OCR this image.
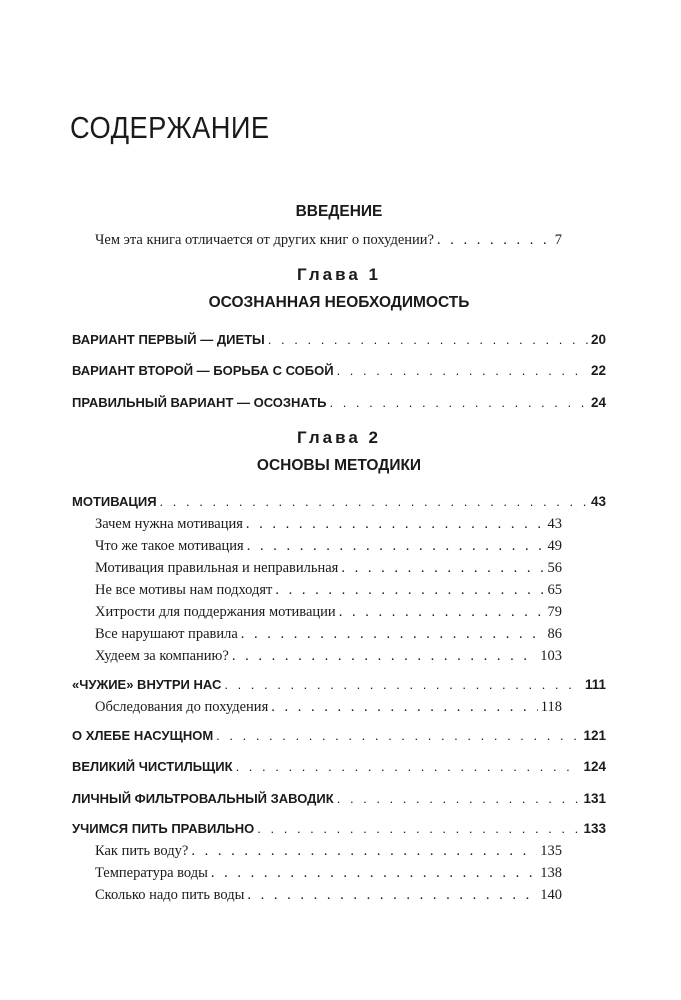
СОДЕРЖАНИЕ
ВВЕДЕНИЕ
Чем эта книга отличается от других книг о похудении? . . .	7
Глава 1
ОСОЗНАННАЯ НЕОБХОДИМОСТЬ
ВАРИАНТ ПЕРВЫЙ — ДИЕТЫ . . .	20
ВАРИАНТ ВТОРОЙ — БОРЬБА С СОБОЙ . . .	22
ПРАВИЛЬНЫЙ ВАРИАНТ — ОСОЗНАТЬ . . .	24
Глава 2
ОСНОВЫ МЕТОДИКИ
МОТИВАЦИЯ . . .	43
Зачем нужна мотивация . . .	43
Что же такое мотивация . . .	49
Мотивация правильная и неправильная . . .	56
Не все мотивы нам подходят . . .	65
Хитрости для поддержания мотивации . . .	79
Все нарушают правила . . .	86
Худеем за компанию? . . .	103
«ЧУЖИЕ» ВНУТРИ НАС . . .	111
Обследования до похудения . . .	118
О ХЛЕБЕ НАСУЩНОМ . . .	121
ВЕЛИКИЙ ЧИСТИЛЬЩИК . . .	124
ЛИЧНЫЙ ФИЛЬТРОВАЛЬНЫЙ ЗАВОДИК . . .	131
УЧИМСЯ ПИТЬ ПРАВИЛЬНО . . .	133
Как пить воду? . . .	135
Температура воды . . .	138
Сколько надо пить воды . . .	140
